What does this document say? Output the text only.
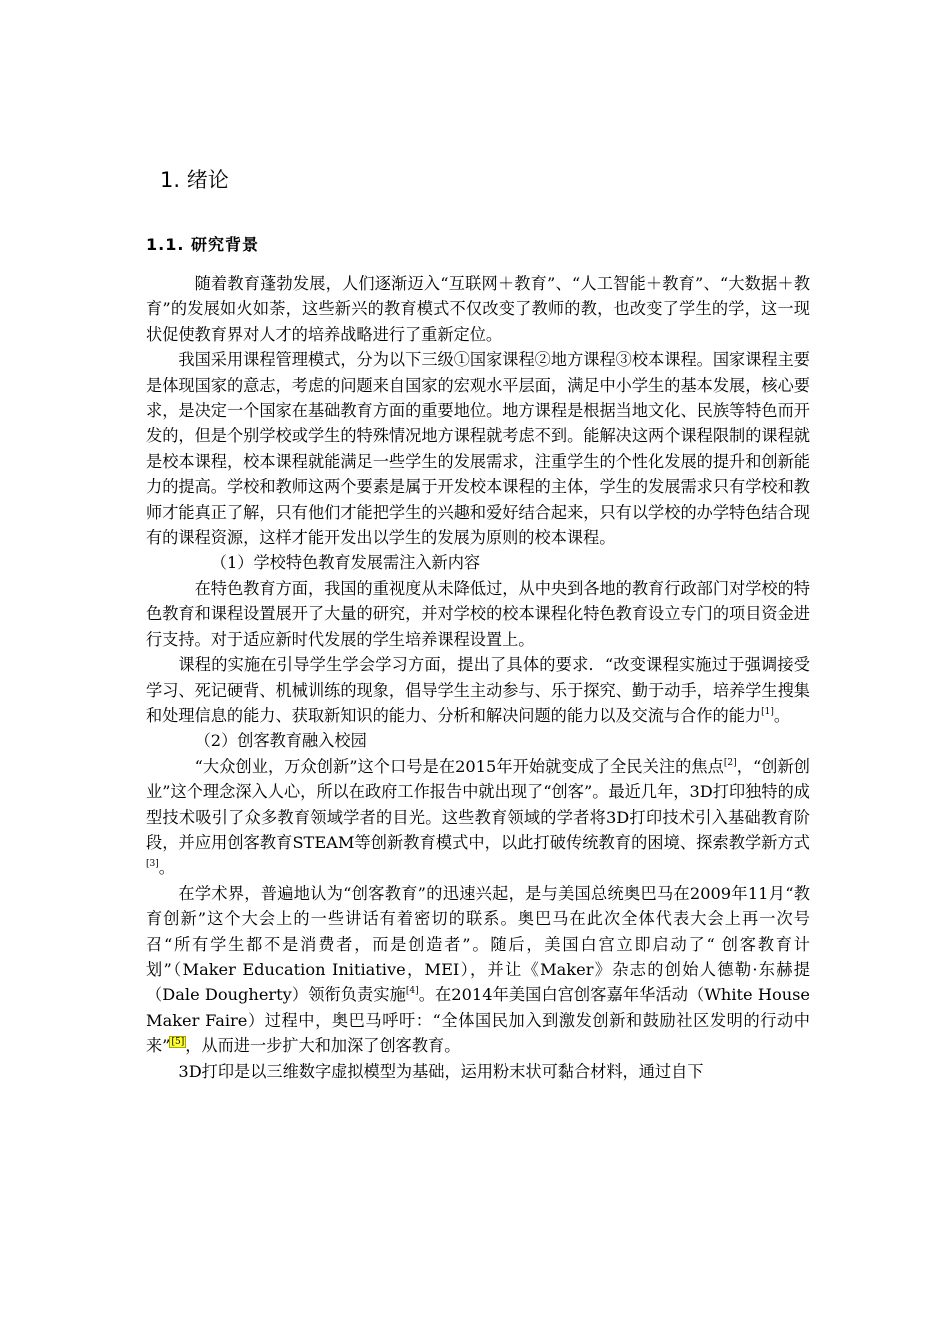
1. 绪论
1.1. 研究背景

随着教育蓬勃发展，人们逐渐迈入“互联网＋教育”、“人工智能＋教育”、“大数据＋教育”的发展如火如荼，这些新兴的教育模式不仅改变了教师的教，也改变了学生的学，这一现状促使教育界对人才的培养战略进行了重新定位。

我国采用课程管理模式，分为以下三级①国家课程②地方课程③校本课程。国家课程主要是体现国家的意志，考虑的问题来自国家的宏观水平层面，满足中小学生的基本发展，核心要求，是决定一个国家在基础教育方面的重要地位。地方课程是根据当地文化、民族等特色而开发的，但是个别学校或学生的特殊情况地方课程就考虑不到。能解决这两个课程限制的课程就是校本课程，校本课程就能满足一些学生的发展需求，注重学生的个性化发展的提升和创新能力的提高。学校和教师这两个要素是属于开发校本课程的主体，学生的发展需求只有学校和教师才能真正了解，只有他们才能把学生的兴趣和爱好结合起来，只有以学校的办学特色结合现有的课程资源，这样才能开发出以学生的发展为原则的校本课程。

（1）学校特色教育发展需注入新内容

在特色教育方面，我国的重视度从未降低过，从中央到各地的教育行政部门对学校的特色教育和课程设置展开了大量的研究，并对学校的校本课程化特色教育设立专门的项目资金进行支持。对于适应新时代发展的学生培养课程设置上。

课程的实施在引导学生学会学习方面，提出了具体的要求．“改变课程实施过于强调接受学习、死记硬背、机械训练的现象，倡导学生主动参与、乐于探究、勤于动手，培养学生搜集和处理信息的能力、获取新知识的能力、分析和解决问题的能力以及交流与合作的能力[1]。

（2）创客教育融入校园

“大众创业，万众创新”这个口号是在2015年开始就变成了全民关注的焦点[2]，“创新创业”这个理念深入人心，所以在政府工作报告中就出现了“创客”。最近几年，3D打印独特的成型技术吸引了众多教育领域学者的目光。这些教育领域的学者将3D打印技术引入基础教育阶段，并应用创客教育STEAM等创新教育模式中，以此打破传统教育的困境、探索教学新方式[3]。

在学术界，普遍地认为“创客教育”的迅速兴起，是与美国总统奥巴马在2009年11月“教育创新”这个大会上的一些讲话有着密切的联系。奥巴马在此次全体代表大会上再一次号召“所有学生都不是消费者，而是创造者”。随后，美国白宫立即启动了“ 创客教育计划”（Maker Education Initiative，MEI），并让《Maker》杂志的创始人德勒·东赫提（Dale Dougherty）领衔负责实施[4]。在2014年美国白宫创客嘉年华活动（White House Maker Faire）过程中，奥巴马呼吁：“全体国民加入到激发创新和鼓励社区发明的行动中来”[5]，从而进一步扩大和加深了创客教育。

3D打印是以三维数字虚拟模型为基础，运用粉末状可黏合材料，通过自下
